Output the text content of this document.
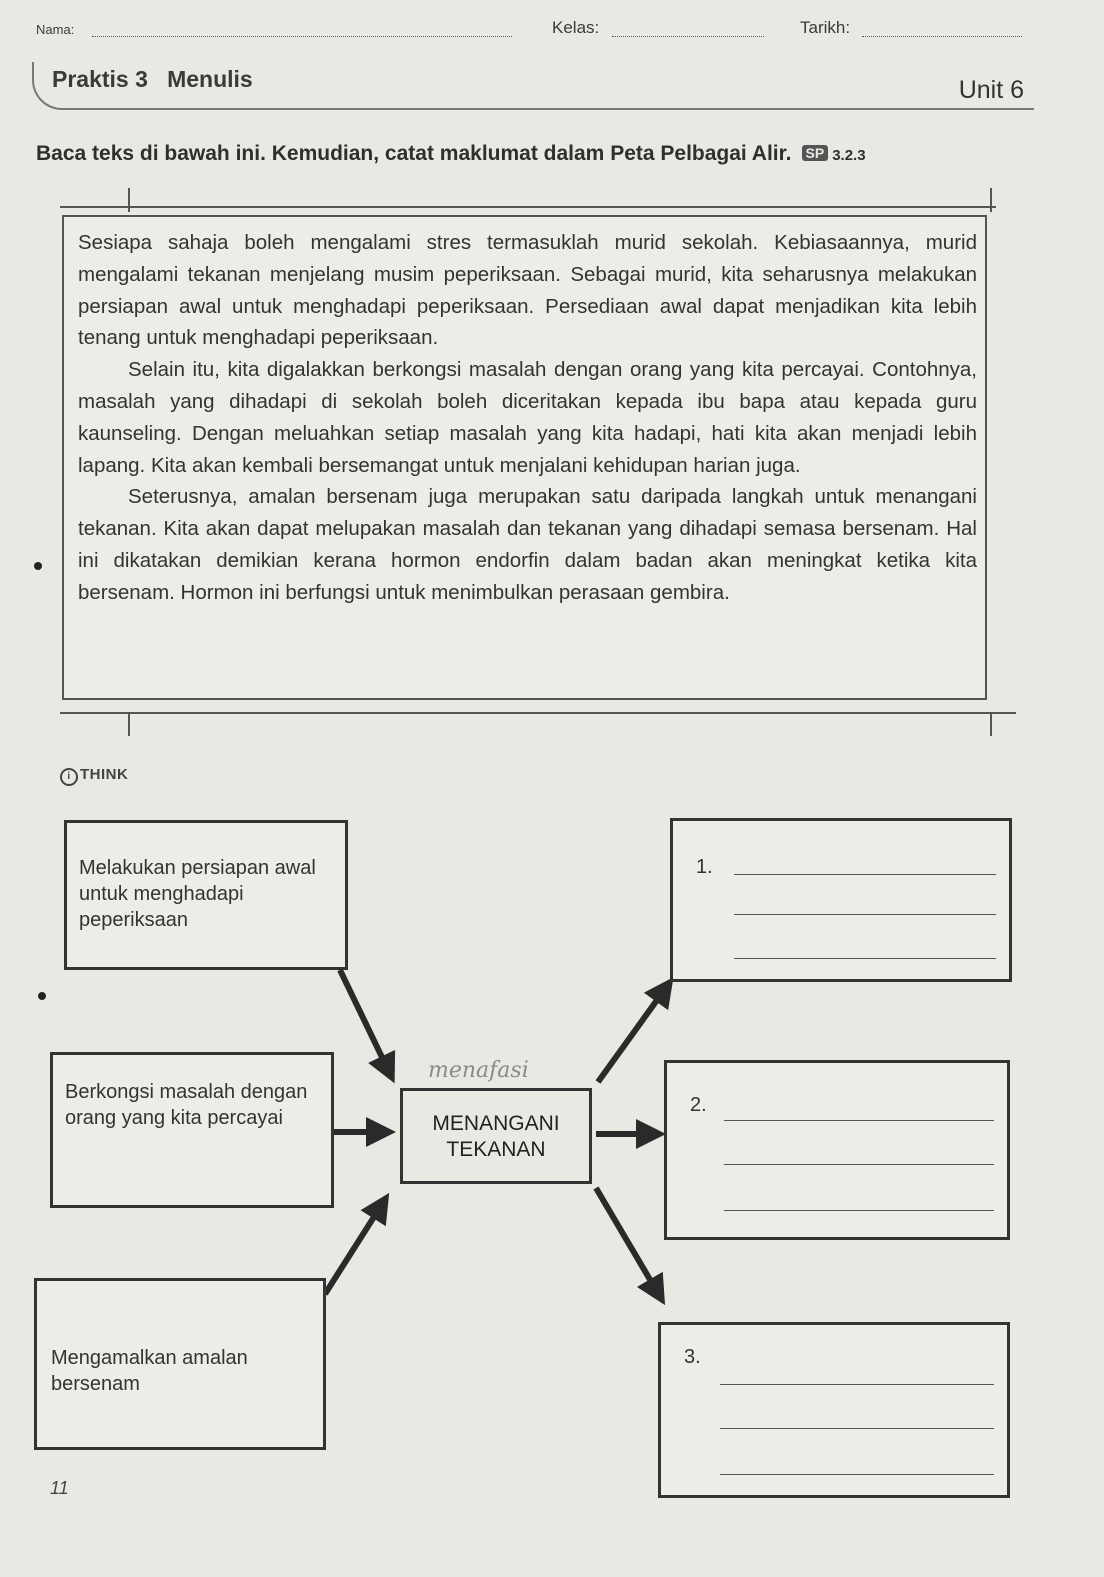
Nama:	Kelas:	Tarikh:
Praktis 3   Menulis	Unit 6
Baca teks di bawah ini. Kemudian, catat maklumat dalam Peta Pelbagai Alir. SP 3.2.3

Sesiapa sahaja boleh mengalami stres termasuklah murid sekolah. Kebiasaannya, murid mengalami tekanan menjelang musim peperiksaan. Sebagai murid, kita seharusnya melakukan persiapan awal untuk menghadapi peperiksaan. Persediaan awal dapat menjadikan kita lebih tenang untuk menghadapi peperiksaan.

Selain itu, kita digalakkan berkongsi masalah dengan orang yang kita percayai. Contohnya, masalah yang dihadapi di sekolah boleh diceritakan kepada ibu bapa atau kepada guru kaunseling. Dengan meluahkan setiap masalah yang kita hadapi, hati kita akan menjadi lebih lapang. Kita akan kembali bersemangat untuk menjalani kehidupan harian juga.

Seterusnya, amalan bersenam juga merupakan satu daripada langkah untuk menangani tekanan. Kita akan dapat melupakan masalah dan tekanan yang dihadapi semasa bersenam. Hal ini dikatakan demikian kerana hormon endorfin dalam badan akan meningkat ketika kita bersenam. Hormon ini berfungsi untuk menimbulkan perasaan gembira.

i THINK
Melakukan persiapan awal untuk menghadapi peperiksaan
Berkongsi masalah dengan orang yang kita percayai
Mengamalkan amalan bersenam
menafasi
MENANGANI
TEKANAN
1.
2.
3.
11
